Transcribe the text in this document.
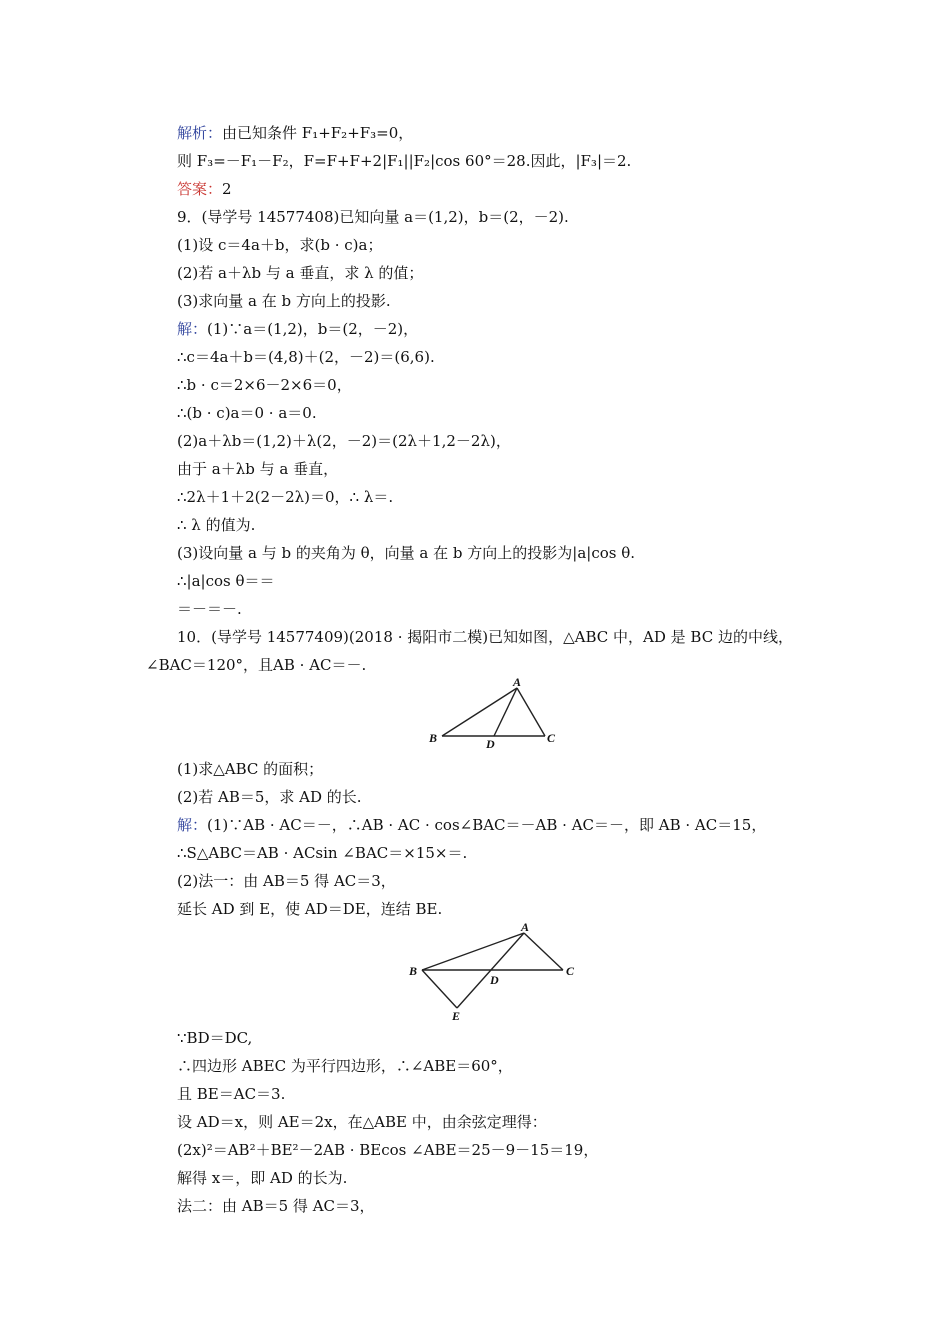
解析：由已知条件 F₁+F₂+F₃=0，
则 F₃=－F₁－F₂，F=F+F+2|F₁||F₂|cos 60°＝28.因此，|F₃|＝2.
答案：2
9．(导学号 14577408)已知向量 a＝(1,2)，b＝(2，－2).
(1)设 c＝4a＋b，求(b · c)a；
(2)若 a＋λb 与 a 垂直，求 λ 的值；
(3)求向量 a 在 b 方向上的投影.
解：(1)∵a＝(1,2)，b＝(2，－2)，
∴c＝4a＋b＝(4,8)＋(2，－2)＝(6,6).
∴b · c＝2×6－2×6＝0，
∴(b · c)a＝0 · a＝0.
(2)a＋λb＝(1,2)＋λ(2，－2)＝(2λ＋1,2－2λ)，
由于 a＋λb 与 a 垂直，
∴2λ＋1＋2(2－2λ)＝0，∴ λ＝.
∴ λ 的值为.
(3)设向量 a 与 b 的夹角为 θ，向量 a 在 b 方向上的投影为|a|cos θ.
∴|a|cos θ＝＝
＝－＝－.
10．(导学号 14577409)(2018 · 揭阳市二模)已知如图，△ABC 中，AD 是 BC 边的中线，
∠BAC＝120°，且AB · AC＝－.
A
B	C
D
(1)求△ABC 的面积；
(2)若 AB＝5，求 AD 的长.
解：(1)∵AB · AC＝－，∴AB · AC · cos∠BAC＝－AB · AC＝－，即 AB · AC＝15，
∴S△ABC＝AB · ACsin ∠BAC＝×15×＝.
(2)法一：由 AB＝5 得 AC＝3，
延长 AD 到 E，使 AD＝DE，连结 BE.
A
B	C
D
E
∵BD＝DC,
∴四边形 ABEC 为平行四边形，∴∠ABE＝60°，
且 BE＝AC＝3.
设 AD＝x，则 AE＝2x，在△ABE 中，由余弦定理得：
(2x)²＝AB²＋BE²－2AB · BEcos ∠ABE＝25－9－15＝19，
解得 x＝，即 AD 的长为.
法二：由 AB＝5 得 AC＝3，
